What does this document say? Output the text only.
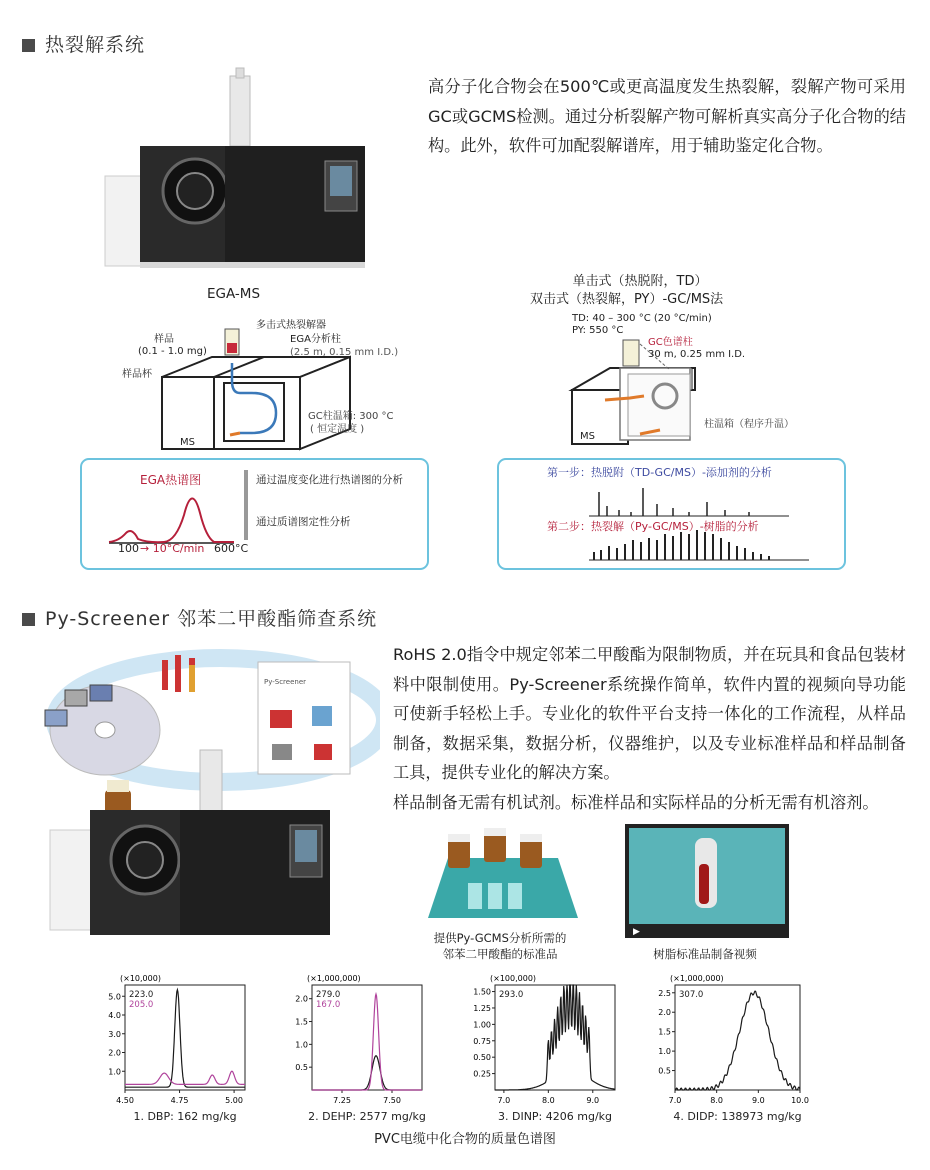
热裂解系统
高分子化合物会在500℃或更高温度发生热裂解，裂解产物可采用GC或GCMS检测。通过分析裂解产物可解析真实高分子化合物的结构。此外，软件可加配裂解谱库，用于辅助鉴定化合物。
EGA-MS
多击式热裂解器
样品
(0.1 - 1.0 mg)
样品杯
EGA分析柱
(2.5 m, 0.15 mm I.D.)
GC柱温箱: 300 °C
( 恒定温度 )
MS
EGA热谱图
100 → 10°C/min 600°C
通过温度变化进行热谱图的分析
通过质谱图定性分析
单击式（热脱附，TD）
双击式（热裂解，PY）-GC/MS法
TD: 40 – 300 °C (20 °C/min)
PY: 550 °C
GC色谱柱
30 m, 0.25 mm I.D.
柱温箱（程序升温）
MS
第一步：热脱附（TD-GC/MS）-添加剂的分析
第二步：热裂解（Py-GC/MS）-树脂的分析
Py-Screener 邻苯二甲酸酯筛查系统
RoHS 2.0指令中规定邻苯二甲酸酯为限制物质，并在玩具和食品包装材料中限制使用。Py-Screener系统操作简单，软件内置的视频向导功能可使新手轻松上手。专业化的软件平台支持一体化的工作流程，从样品制备，数据采集，数据分析，仪器维护，以及专业标准样品和样品制备工具，提供专业化的解决方案。
样品制备无需有机试剂。标准样品和实际样品的分析无需有机溶剂。
Py-Screener
提供Py-GCMS分析所需的
邻苯二甲酸酯的标准品
▶
树脂标准品制备视频
(×10,000)
1.0
2.0
3.0
4.0
5.0
4.50	4.75	5.00
223.0
205.0
1. DBP: 162 mg/kg
(×1,000,000)
0.5
1.0
1.5
2.0
7.25	7.50
279.0
167.0
2. DEHP: 2577 mg/kg
(×100,000)
0.25
0.50
0.75
1.00
1.25
1.50
7.0	8.0	9.0
293.0
3. DINP: 4206 mg/kg
(×1,000,000)
0.5
1.0
1.5
2.0
2.5
7.0	8.0	9.0	10.0
307.0
4. DIDP: 138973 mg/kg
PVC电缆中化合物的质量色谱图
